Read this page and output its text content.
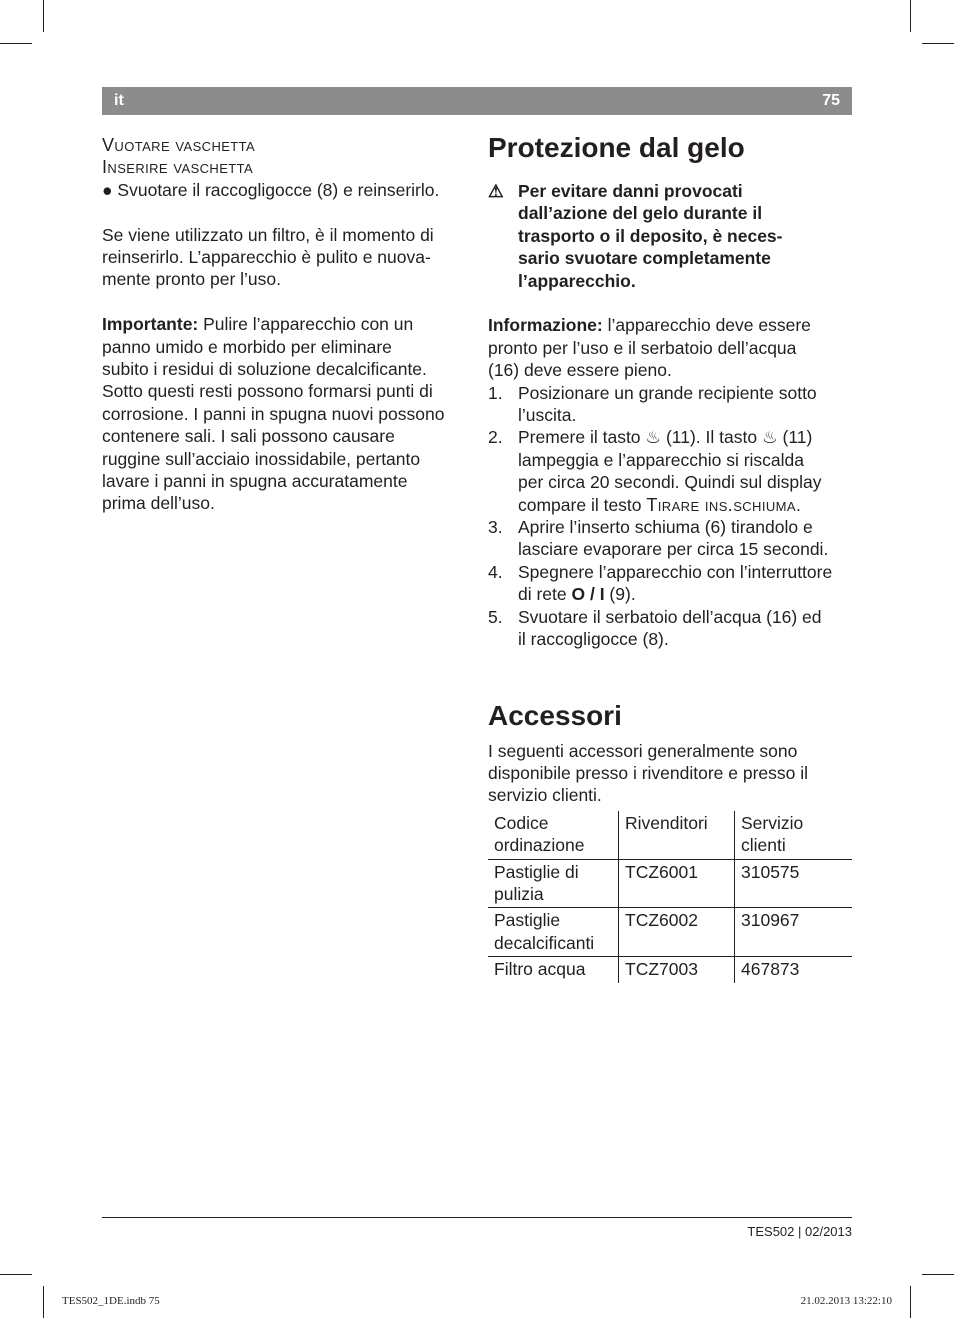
it	75
Vuotare vaschetta
Inserire vaschetta

● Svuotare il raccogligocce (8) e reinserirlo.

Se viene utilizzato un filtro, è il momento di
reinserirlo. L’apparecchio è pulito e nuova-
mente pronto per l’uso.

Importante: Pulire l’apparecchio con un
panno umido e morbido per eliminare
subito i residui di soluzione decalcificante.
Sotto questi resti possono formarsi punti di
corrosione. I panni in spugna nuovi possono
contenere sali. I sali possono causare
ruggine sull’acciaio inossidabile, pertanto
lavare i panni in spugna accuratamente
prima dell’uso.

Protezione dal gelo
⚠ Per evitare danni provocati
dall’azione del gelo durante il
trasporto o il deposito, è neces-
sario svuotare completamente
l’apparecchio.

Informazione: l’apparecchio deve essere
pronto per l’uso e il serbatoio dell’acqua
(16) deve essere pieno.

1. Posizionare un grande recipiente sotto
l’uscita.
2. Premere il tasto ♨ (11). Il tasto ♨ (11)
lampeggia e l’apparecchio si riscalda
per circa 20 secondi. Quindi sul display
compare il testo Tirare ins.schiuma.
3. Aprire l’inserto schiuma (6) tirandolo e
lasciare evaporare per circa 15 secondi.
4. Spegnere l’apparecchio con l’interruttore
di rete O / I (9).
5. Svuotare il serbatoio dell’acqua (16) ed
il raccogligocce (8).
Accessori

I seguenti accessori generalmente sono
disponibile presso i rivenditore e presso il
servizio clienti.

Codice
ordinazione	Rivenditori	Servizio
clienti
Pastiglie di
pulizia	TCZ6001	310575
Pastiglie
decalcificanti	TCZ6002	310967
Filtro acqua	TCZ7003	467873
TES502 | 02/2013
TES502_1DE.indb 75	21.02.2013 13:22:10
